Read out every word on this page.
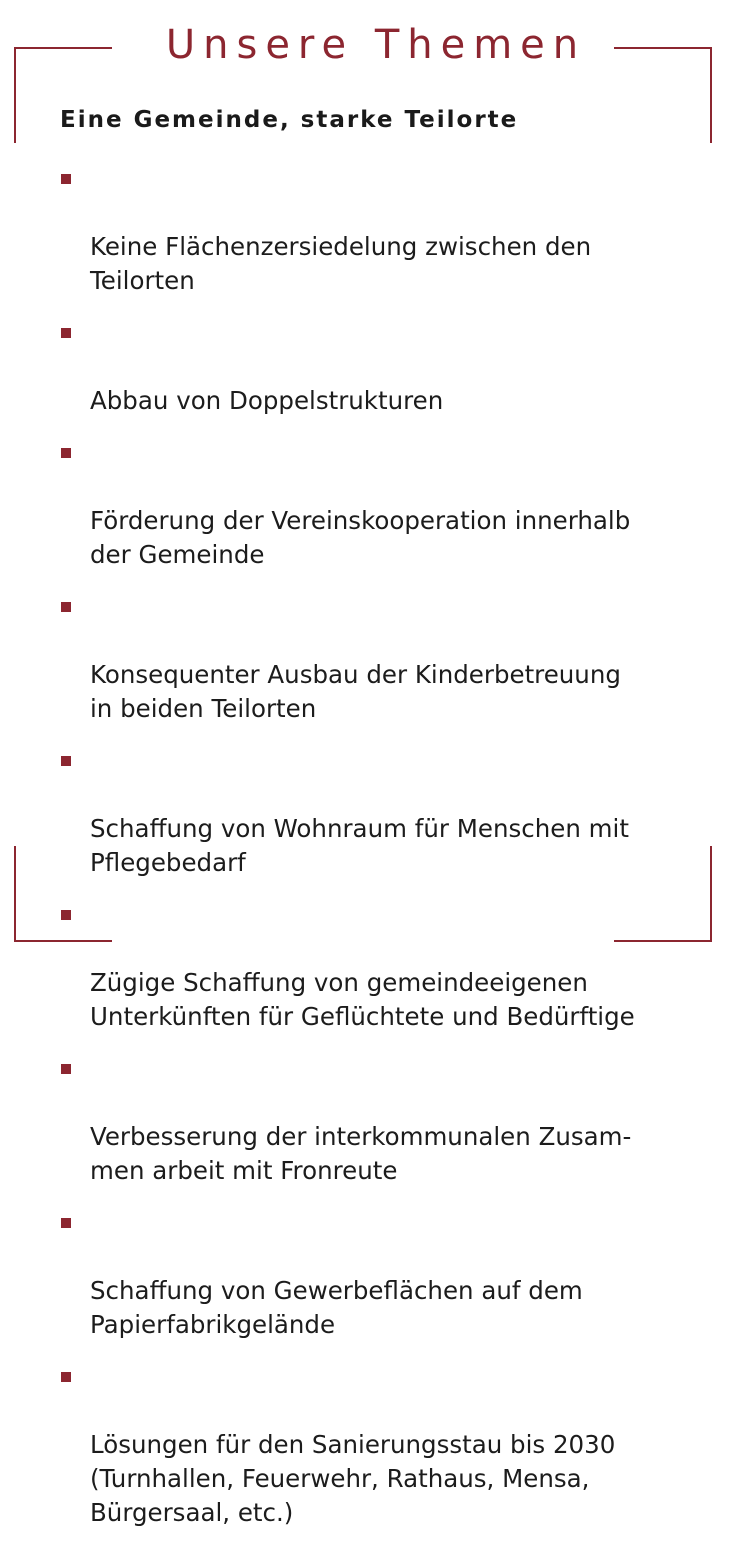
Unsere Themen
Eine Gemeinde, starke Teilorte

Keine Flächenzersiedelung zwischen den
Teilorten

Abbau von Doppelstrukturen

Förderung der Vereinskooperation innerhalb
der Gemeinde

Konsequenter Ausbau der Kinderbetreuung
in beiden Teilorten

Schaffung von Wohnraum für Menschen mit
Pflegebedarf

Zügige Schaffung von gemeindeeigenen
Unterkünften für Geflüchtete und Bedürftige

Verbesserung der interkommunalen Zusam-
men arbeit mit Fronreute

Schaffung von Gewerbeflächen auf dem
Papierfabrikgelände

Lösungen für den Sanierungsstau bis 2030
(Turnhallen, Feuerwehr, Rathaus, Mensa,
Bürgersaal, etc.)
